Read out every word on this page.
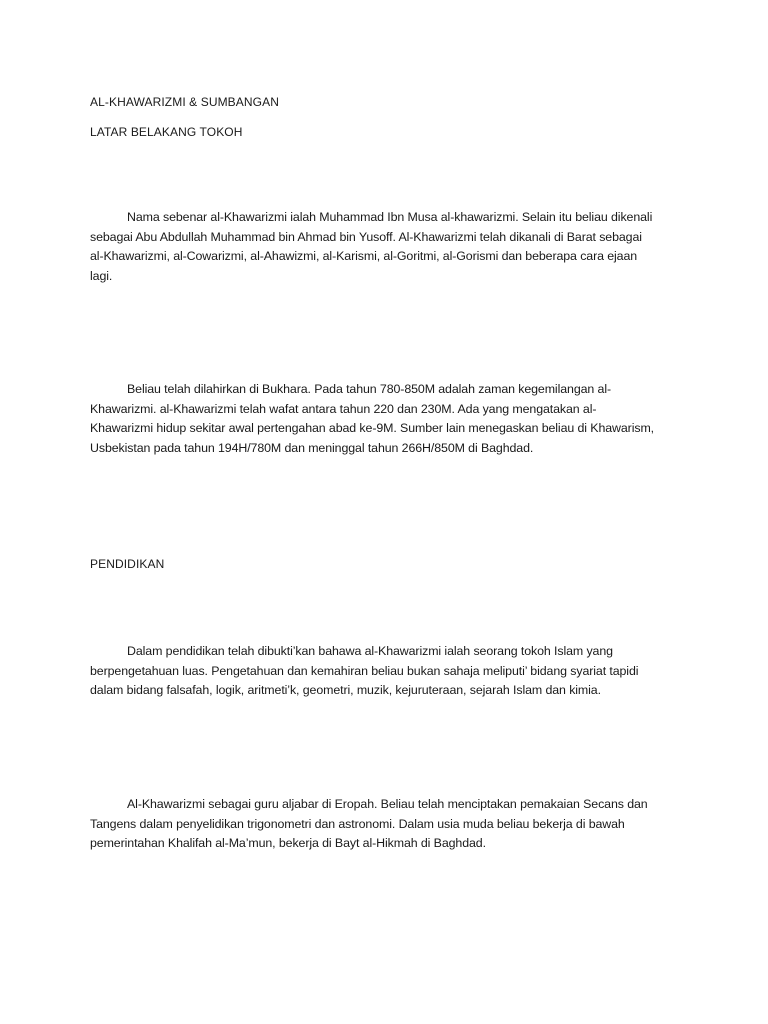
AL-KHAWARIZMI & SUMBANGAN
LATAR BELAKANG TOKOH

Nama sebenar al-Khawarizmi ialah Muhammad Ibn Musa al-khawarizmi. Selain itu beliau dikenali

sebagai Abu Abdullah Muhammad bin Ahmad bin Yusoff. Al-Khawarizmi telah dikanali di Barat sebagai

al-Khawarizmi, al-Cowarizmi, al-Ahawizmi, al-Karismi, al-Goritmi, al-Gorismi dan beberapa cara ejaan

lagi.

Beliau telah dilahirkan di Bukhara. Pada tahun 780-850M adalah zaman kegemilangan al-

Khawarizmi. al-Khawarizmi telah wafat antara tahun 220 dan 230M. Ada yang mengatakan al-

Khawarizmi hidup sekitar awal pertengahan abad ke-9M. Sumber lain menegaskan beliau di Khawarism,

Usbekistan pada tahun 194H/780M dan meninggal tahun 266H/850M di Baghdad.

PENDIDIKAN

Dalam pendidikan telah dibukti’kan bahawa al-Khawarizmi ialah seorang tokoh Islam yang

berpengetahuan luas. Pengetahuan dan kemahiran beliau bukan sahaja meliputi’ bidang syariat tapidi

dalam bidang falsafah, logik, aritmeti’k, geometri, muzik, kejuruteraan, sejarah Islam dan kimia.

Al-Khawarizmi sebagai guru aljabar di Eropah. Beliau telah menciptakan pemakaian Secans dan

Tangens dalam penyelidikan trigonometri dan astronomi. Dalam usia muda beliau bekerja di bawah

pemerintahan Khalifah al-Ma’mun, bekerja di Bayt al-Hikmah di Baghdad.
